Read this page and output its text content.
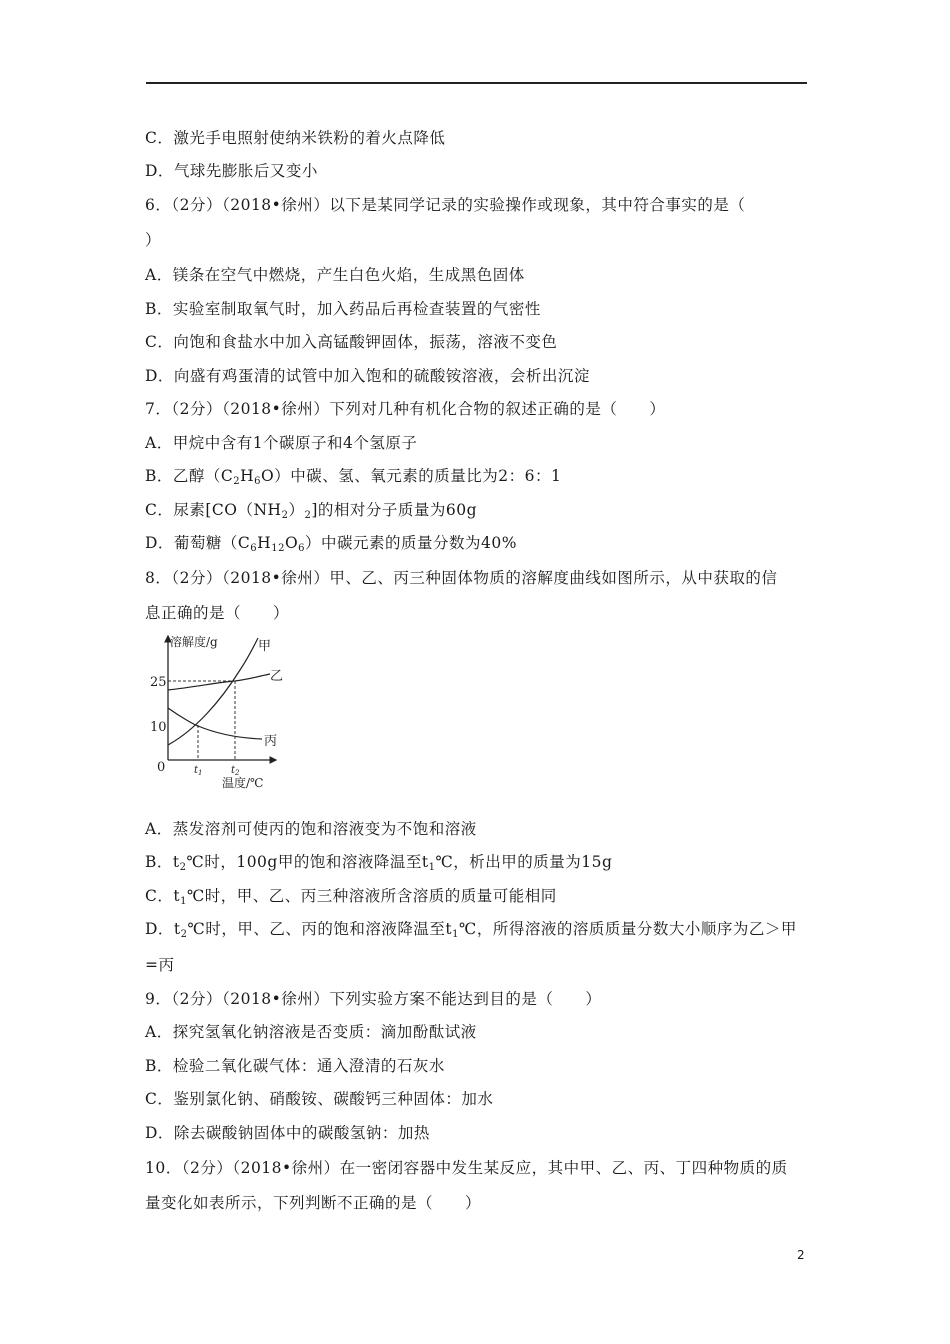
C．激光手电照射使纳米铁粉的着火点降低
D．气球先膨胀后又变小
6．（2分）（2018•徐州）以下是某同学记录的实验操作或现象，其中符合事实的是（
）
A．镁条在空气中燃烧，产生白色火焰，生成黑色固体
B．实验室制取氧气时，加入药品后再检查装置的气密性
C．向饱和食盐水中加入高锰酸钾固体，振荡，溶液不变色
D．向盛有鸡蛋清的试管中加入饱和的硫酸铵溶液，会析出沉淀
7．（2分）（2018•徐州）下列对几种有机化合物的叙述正确的是（　　）
A．甲烷中含有1个碳原子和4个氢原子
B．乙醇$(C_2H_6O)$中碳、氢、氧元素的质量比为2：6：1
C．尿素$[CO(NH_2)_2]$的相对分子质量为60g
D．葡萄糖$(C_6H_{12}O_6)$中碳元素的质量分数为40%
8．（2分）（2018•徐州）甲、乙、丙三种固体物质的溶解度曲线如图所示，从中获取的信
息正确的是（　　）
溶解度/g
25
10
0
甲
乙
丙
$t_1$	$t_2$
温度/℃
A．蒸发溶剂可使丙的饱和溶液变为不饱和溶液
B．$t_2℃$时，100g甲的饱和溶液降温至$t_1℃$，析出甲的质量为15g
C．$t_1℃$时，甲、乙、丙三种溶液所含溶质的质量可能相同
D．$t_2℃$时，甲、乙、丙的饱和溶液降温至$t_1℃$，所得溶液的溶质质量分数大小顺序为乙＞甲
=丙
9．（2分）（2018•徐州）下列实验方案不能达到目的是（　　）
A．探究氢氧化钠溶液是否变质：滴加酚酞试液
B．检验二氧化碳气体：通入澄清的石灰水
C．鉴别氯化钠、硝酸铵、碳酸钙三种固体：加水
D．除去碳酸钠固体中的碳酸氢钠：加热
10．（2分）（2018•徐州）在一密闭容器中发生某反应，其中甲、乙、丙、丁四种物质的质
量变化如表所示，下列判断不正确的是（　　）
2
